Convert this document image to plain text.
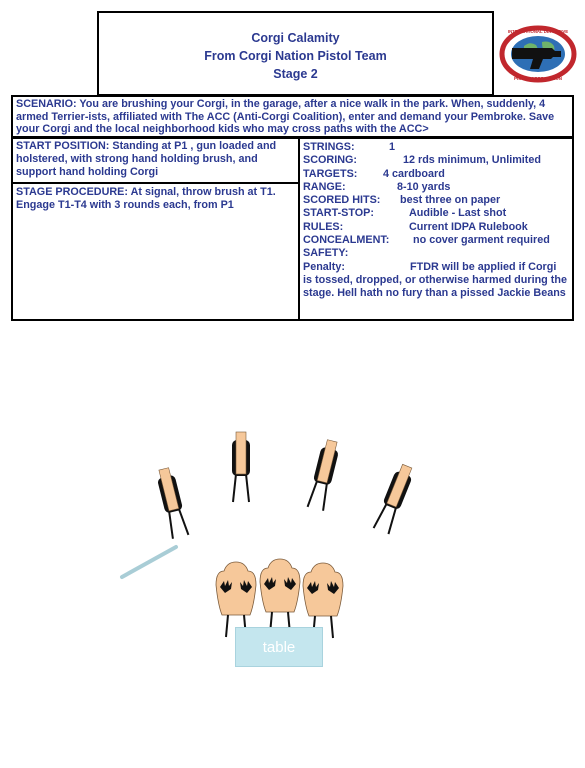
Corgi Calamity
From Corgi Nation Pistol Team
Stage 2
INTERNATIONAL DEFENSIVE
PISTOL ASSOCIATION
SCENARIO: You are brushing your Corgi, in the garage, after a nice walk in the park. When, suddenly, 4 armed Terrier-ists, affiliated with The ACC (Anti-Corgi Coalition), enter and demand your Pembroke. Save your Corgi and the local neighborhood kids who may cross paths with the ACC>
START POSITION: Standing at P1 , gun loaded and holstered, with strong hand holding brush, and support hand holding Corgi
STAGE PROCEDURE: At signal, throw brush at T1. Engage T1-T4 with 3 rounds each, from P1
STRINGS:	1
SCORING:	12 rds minimum, Unlimited
TARGETS: 4 cardboard
RANGE:	8-10 yards
SCORED HITS: best three on paper
START-STOP:	Audible - Last shot
RULES:	Current IDPA Rulebook
CONCEALMENT: no cover garment required
SAFETY:
Penalty:	FTDR will be applied if Corgi
is tossed, dropped, or otherwise harmed during the stage. Hell hath no fury than a pissed Jackie Beans
table
